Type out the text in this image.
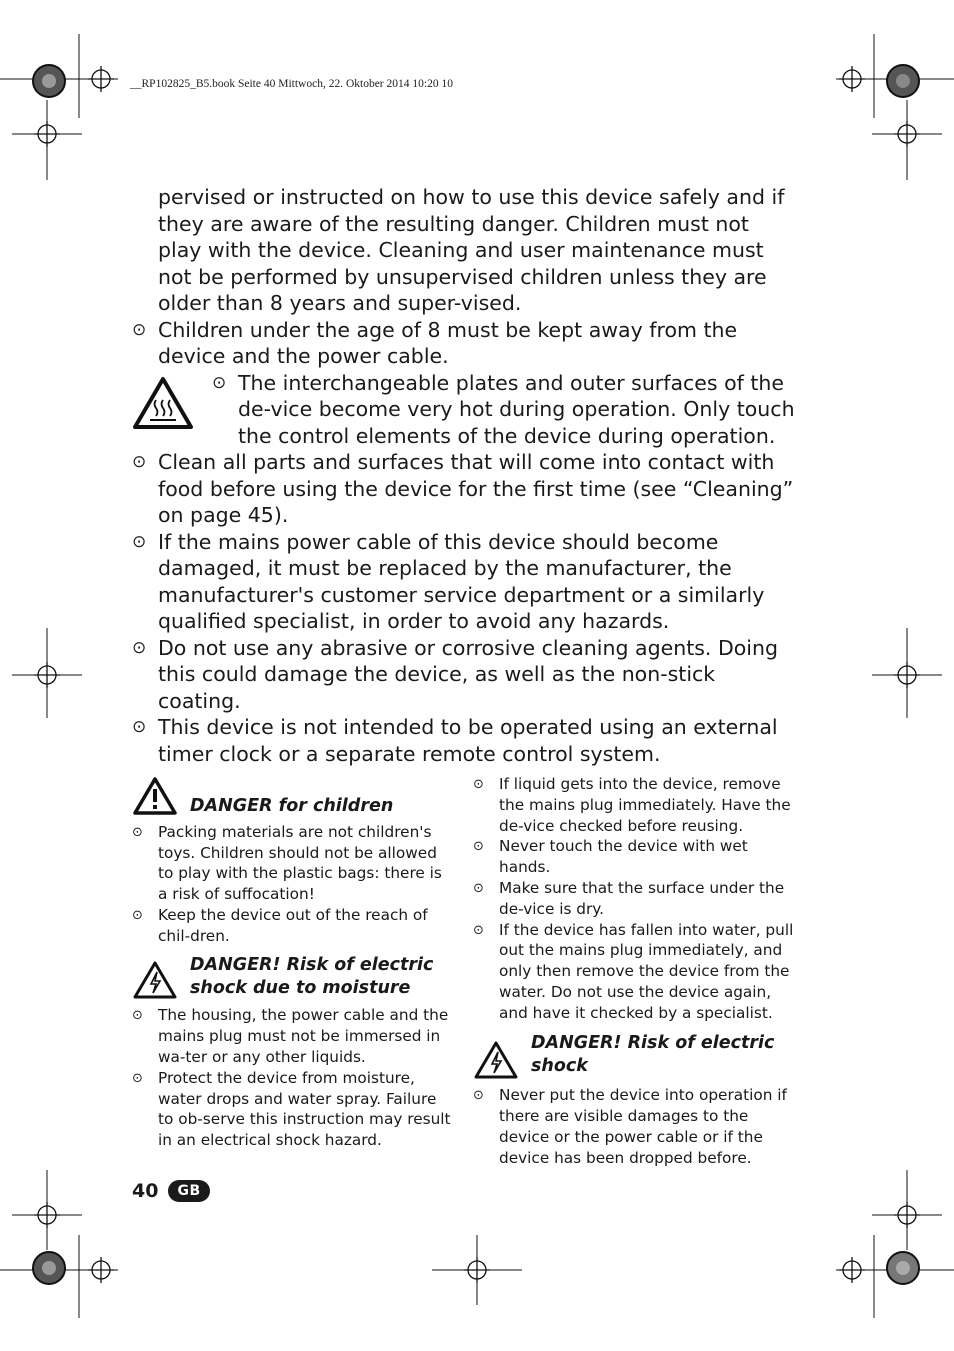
__RP102825_B5.book Seite 40 Mittwoch, 22. Oktober 2014 10:20 10

pervised or instructed on how to use this device safely and if they are aware of the resulting danger. Children must not play with the device. Cleaning and user maintenance must not be performed by unsupervised children unless they are older than 8 years and super-vised.

⊙ Children under the age of 8 must be kept away from the device and the power cable.
⊙ The interchangeable plates and outer surfaces of the de-vice become very hot during operation. Only touch the control elements of the device during operation.
⊙ Clean all parts and surfaces that will come into contact with food before using the device for the first time (see “Cleaning” on page 45).
⊙ If the mains power cable of this device should become damaged, it must be replaced by the manufacturer, the manufacturer's customer service department or a similarly qualified specialist, in order to avoid any hazards.
⊙ Do not use any abrasive or corrosive cleaning agents. Doing this could damage the device, as well as the non-stick coating.
⊙ This device is not intended to be operated using an external timer clock or a separate remote control system.
DANGER for children
⊙ Packing materials are not children's toys. Children should not be allowed to play with the plastic bags: there is a risk of suffocation!
⊙ Keep the device out of the reach of chil-dren.
DANGER! Risk of electric shock due to moisture
⊙ The housing, the power cable and the mains plug must not be immersed in wa-ter or any other liquids.
⊙ Protect the device from moisture, water drops and water spray. Failure to ob-serve this instruction may result in an electrical shock hazard.
⊙ If liquid gets into the device, remove the mains plug immediately. Have the de-vice checked before reusing.
⊙ Never touch the device with wet hands.
⊙ Make sure that the surface under the de-vice is dry.
⊙ If the device has fallen into water, pull out the mains plug immediately, and only then remove the device from the water. Do not use the device again, and have it checked by a specialist.
DANGER! Risk of electric shock
⊙ Never put the device into operation if there are visible damages to the device or the power cable or if the device has been dropped before.
40	GB
